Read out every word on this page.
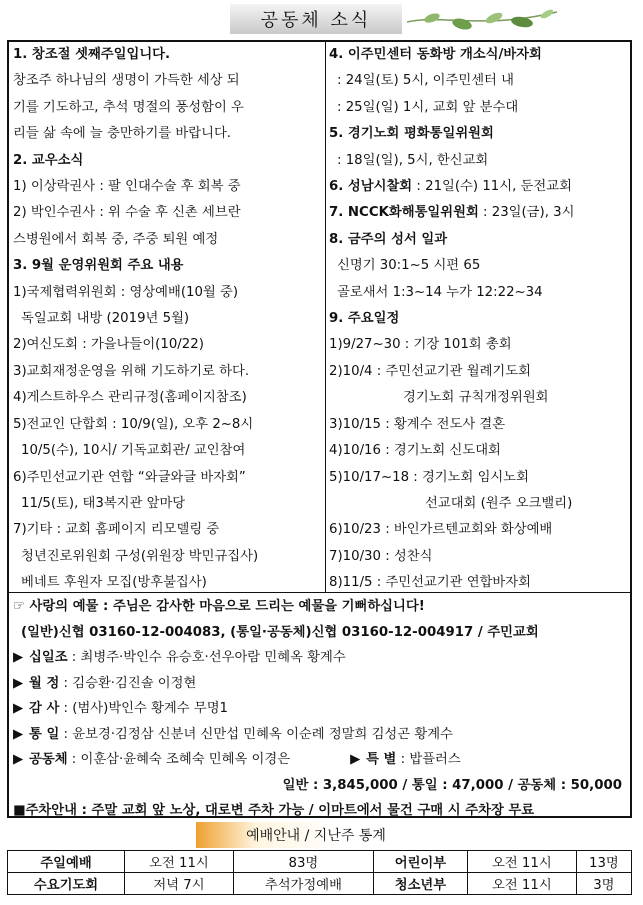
공동체 소식
1. 창조절 셋째주일입니다.
창조주 하나님의 생명이 가득한 세상 되
기를 기도하고, 추석 명절의 풍성함이 우
리들 삶 속에 늘 충만하기를 바랍니다.
2. 교우소식
1) 이상락권사 : 팔 인대수술 후 회복 중
2) 박인수권사 : 위 수술 후 신촌 세브란
스병원에서 회복 중, 주중 퇴원 예정
3. 9월 운영위원회 주요 내용
1)국제협력위원회 : 영상예배(10월 중)
독일교회 내방 (2019년 5월)
2)여신도회 : 가을나들이(10/22)
3)교회재정운영을 위해 기도하기로 하다.
4)게스트하우스 관리규정(홈페이지참조)
5)전교인 단합회 : 10/9(일), 오후 2~8시
10/5(수), 10시/ 기독교회관/ 교인참여
6)주민선교기관 연합 “와글와글 바자회”
11/5(토), 태3복지관 앞마당
7)기타 : 교회 홈페이지 리모델링 중
청년진로위원회 구성(위원장 박민규집사)
베네트 후원자 모집(방후불집사)
4. 이주민센터 동화방 개소식/바자회
: 24일(토) 5시, 이주민센터 내
: 25일(일) 1시, 교회 앞 분수대
5. 경기노회 평화통일위원회
: 18일(일), 5시, 한신교회
6. 성남시찰회 : 21일(수) 11시, 둔전교회
7. NCCK화해통일위원회 : 23일(금), 3시
8. 금주의 성서 일과
신명기 30:1~5 시편 65
골로새서 1:3~14 누가 12:22~34
9. 주요일정
1)9/27~30 : 기장 101회 총회
2)10/4 : 주민선교기관 월례기도회
경기노회 규칙개정위원회
3)10/15 : 황계수 전도사 결혼
4)10/16 : 경기노회 신도대회
5)10/17~18 : 경기노회 임시노회
선교대회 (원주 오크밸리)
6)10/23 : 바인가르텐교회와 화상예배
7)10/30 : 성찬식
8)11/5 : 주민선교기관 연합바자회
☞ 사랑의 예물 : 주님은 감사한 마음으로 드리는 예물을 기뻐하십니다!
(일반)신협 03160-12-004083, (통일·공동체)신협 03160-12-004917 / 주민교회
▶ 십일조 : 최병주·박인수 유승호·선우아람 민혜옥 황계수
▶ 월 정 : 김승환·김진솔 이정현
▶ 감 사 : (범사)박인수 황계수 무명1
▶ 통 일 : 윤보경·김정삼 신분녀 신만섭 민혜옥 이순례 정말희 김성곤 황계수
▶ 공동체 : 이훈삼·윤혜숙 조혜숙 민혜옥 이경은	▶ 특 별 : 밥플러스
일반 : 3,845,000 / 통일 : 47,000 / 공동체 : 50,000
■주차안내 : 주말 교회 앞 노상, 대로변 주차 가능 / 이마트에서 물건 구매 시 주차장 무료
예배안내 / 지난주 통계
주일예배	오전 11시	83명	어린이부	오전 11시	13명
수요기도회	저녁 7시	추석가정예배	청소년부	오전 11시	3명
